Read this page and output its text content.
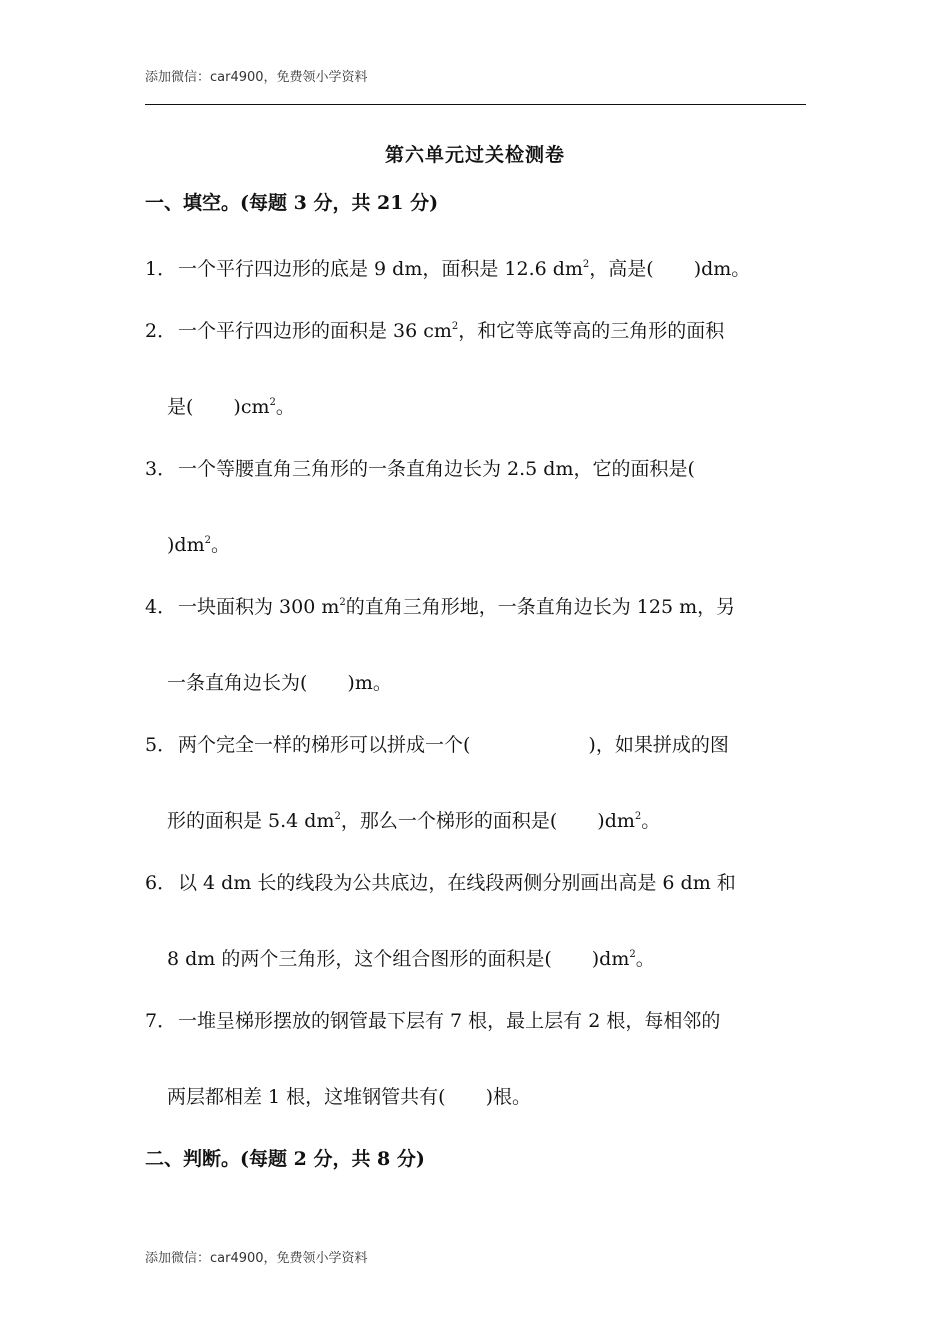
添加微信：car4900，免费领小学资料
第六单元过关检测卷
一、填空。(每题 3 分，共 21 分)
1． 一个平行四边形的底是 9 dm，面积是 12.6 $dm^2$，高是( )dm。
2． 一个平行四边形的面积是 36 $cm^2$，和它等底等高的三角形的面积
是( )$cm^2$。
3． 一个等腰直角三角形的一条直角边长为 2.5 dm，它的面积是(
)$dm^2$。
4． 一块面积为 300 $m^2$的直角三角形地，一条直角边长为 125 m，另
一条直角边长为( )m。
5． 两个完全一样的梯形可以拼成一个(	)，如果拼成的图
形的面积是 5.4 $dm^2$，那么一个梯形的面积是( )$dm^2$。
6． 以 4 dm 长的线段为公共底边，在线段两侧分别画出高是 6 dm 和
8 dm 的两个三角形，这个组合图形的面积是( )$dm^2$。
7． 一堆呈梯形摆放的钢管最下层有 7 根，最上层有 2 根，每相邻的
两层都相差 1 根，这堆钢管共有( )根。
二、判断。(每题 2 分，共 8 分)
添加微信：car4900，免费领小学资料
